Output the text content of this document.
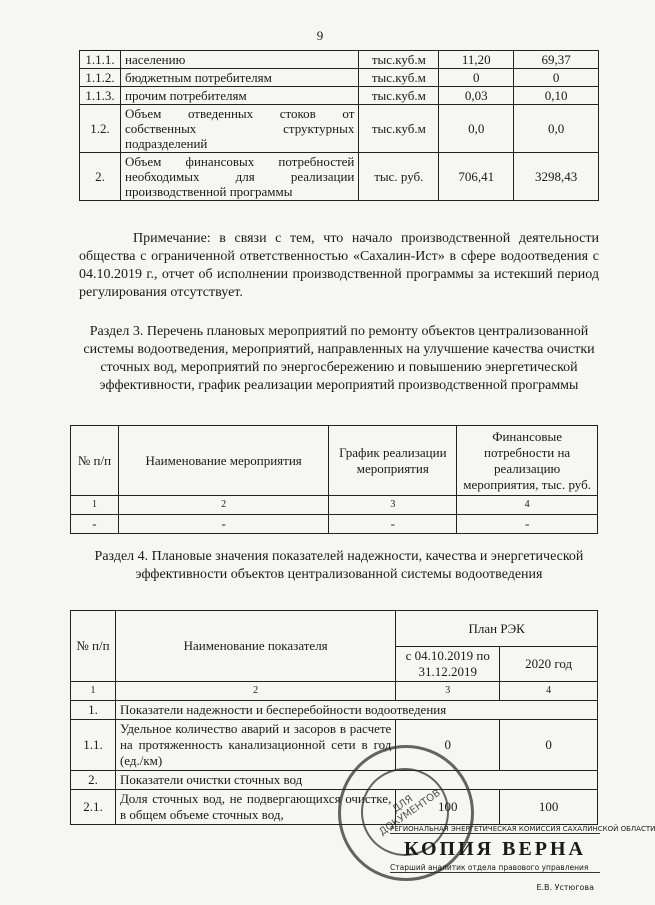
9
1.1.1.	населению	тыс.куб.м	11,20	69,37
1.1.2.	бюджетным потребителям	тыс.куб.м	0	0
1.1.3.	прочим потребителям	тыс.куб.м	0,03	0,10
1.2.	Объем отведенных стоков от собственных структурных подразделений	тыс.куб.м	0,0	0,0
2.	Объем финансовых потребностей необходимых для реализации производственной программы	тыс. руб.	706,41	3298,43
Примечание: в связи с тем, что начало производственной деятельности общества с ограниченной ответственностью «Сахалин-Ист» в сфере водоотведения с 04.10.2019 г., отчет об исполнении производственной программы за истекший период регулирования отсутствует.
Раздел 3. Перечень плановых мероприятий по ремонту объектов централизованной системы водоотведения, мероприятий, направленных на улучшение качества очистки сточных вод, мероприятий по энергосбережению и повышению энергетической эффективности, график реализации мероприятий производственной программы
№ п/п	Наименование мероприятия	График реализации мероприятия	Финансовые потребности на реализацию мероприятия, тыс. руб.
1	2	3	4
-	-	-	-
Раздел 4. Плановые значения показателей надежности, качества и энергетической эффективности объектов централизованной системы водоотведения
№ п/п	Наименование показателя	План РЭК	
		с 04.10.2019 по 31.12.2019	2020 год
1	2	3	4
1.	Показатели надежности и бесперебойности водоотведения		
1.1.	Удельное количество аварий и засоров в расчете на протяженность канализационной сети в год (ед./км)	0	0
2.	Показатели очистки сточных вод		
2.1.	Доля сточных вод, не подвергающихся очистке, в общем объеме сточных вод,	100	100
ДЛЯ ДОКУМЕНТОВ
РЕГИОНАЛЬНАЯ ЭНЕРГЕТИЧЕСКАЯ КОМИССИЯ САХАЛИНСКОЙ ОБЛАСТИ
КОПИЯ ВЕРНА
Старший аналитик отдела правового управления
Е.В. Устюгова
